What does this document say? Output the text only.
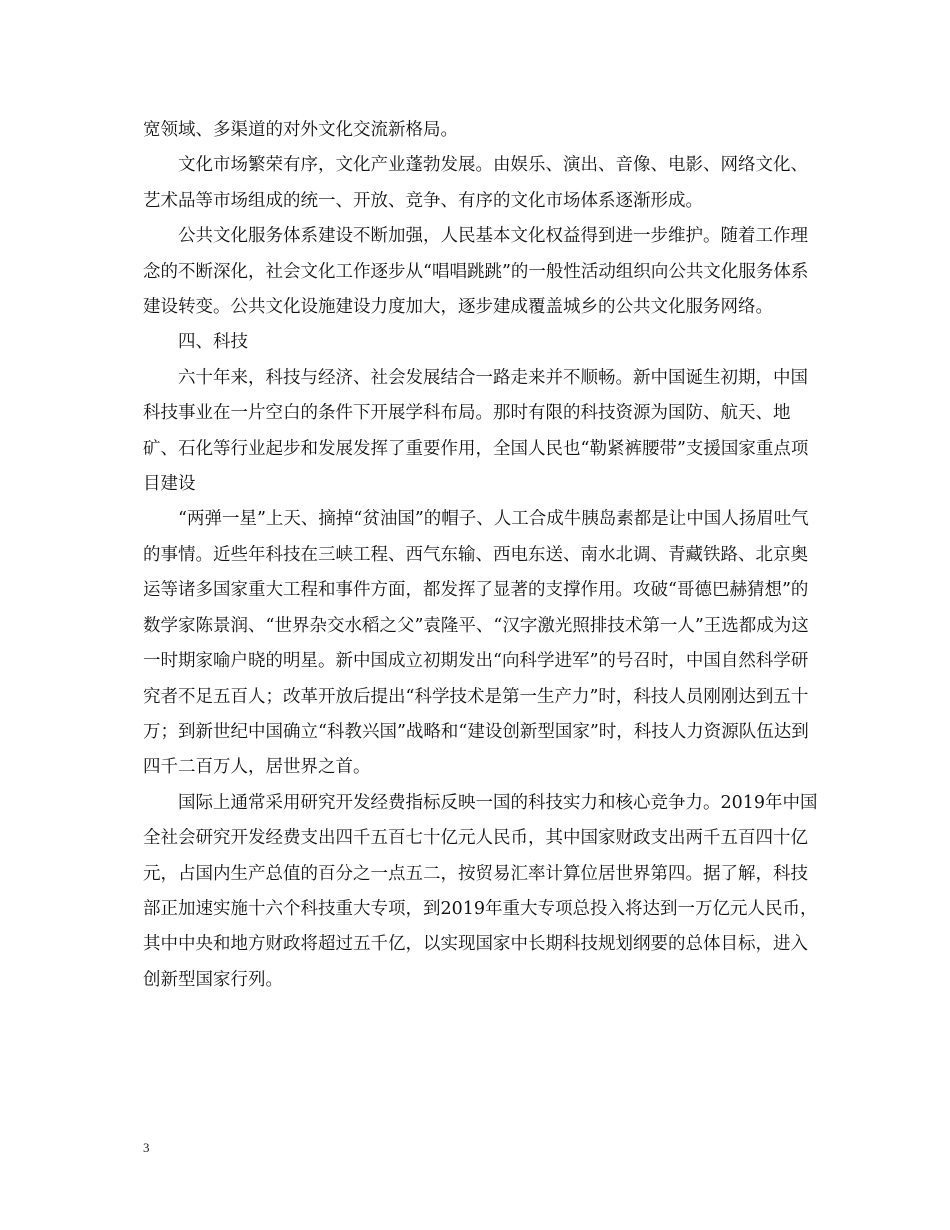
宽领域、多渠道的对外文化交流新格局。

文化市场繁荣有序，文化产业蓬勃发展。由娱乐、演出、音像、电影、网络文化、艺术品等市场组成的统一、开放、竞争、有序的文化市场体系逐渐形成。

公共文化服务体系建设不断加强，人民基本文化权益得到进一步维护。随着工作理念的不断深化，社会文化工作逐步从“唱唱跳跳”的一般性活动组织向公共文化服务体系建设转变。公共文化设施建设力度加大，逐步建成覆盖城乡的公共文化服务网络。

四、科技

六十年来，科技与经济、社会发展结合一路走来并不顺畅。新中国诞生初期，中国科技事业在一片空白的条件下开展学科布局。那时有限的科技资源为国防、航天、地矿、石化等行业起步和发展发挥了重要作用，全国人民也“勒紧裤腰带”支援国家重点项目建设

“两弹一星”上天、摘掉“贫油国”的帽子、人工合成牛胰岛素都是让中国人扬眉吐气的事情。近些年科技在三峡工程、西气东输、西电东送、南水北调、青藏铁路、北京奥运等诸多国家重大工程和事件方面，都发挥了显著的支撑作用。攻破“哥德巴赫猜想”的数学家陈景润、“世界杂交水稻之父”袁隆平、“汉字激光照排技术第一人”王选都成为这一时期家喻户晓的明星。新中国成立初期发出“向科学进军”的号召时，中国自然科学研究者不足五百人；改革开放后提出“科学技术是第一生产力”时，科技人员刚刚达到五十万；到新世纪中国确立“科教兴国”战略和“建设创新型国家”时，科技人力资源队伍达到四千二百万人，居世界之首。

国际上通常采用研究开发经费指标反映一国的科技实力和核心竞争力。2019年中国全社会研究开发经费支出四千五百七十亿元人民币，其中国家财政支出两千五百四十亿元，占国内生产总值的百分之一点五二，按贸易汇率计算位居世界第四。据了解，科技部正加速实施十六个科技重大专项，到2019年重大专项总投入将达到一万亿元人民币，其中中央和地方财政将超过五千亿，以实现国家中长期科技规划纲要的总体目标，进入创新型国家行列。

3
